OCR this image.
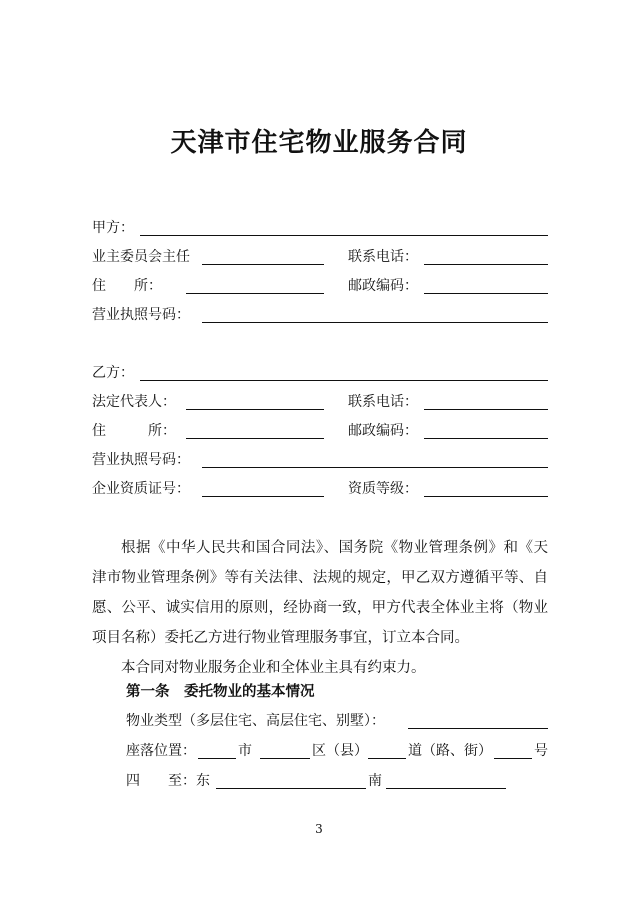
天津市住宅物业服务合同
甲方：
业主委员会主任	联系电话：
住　　所：	邮政编码：
营业执照号码：
乙方：
法定代表人：	联系电话：
住　　　所：	邮政编码：
营业执照号码：
企业资质证号：	资质等级：

根据《中华人民共和国合同法》、国务院《物业管理条例》和《天津市物业管理条例》等有关法律、法规的规定，甲乙双方遵循平等、自愿、公平、诚实信用的原则，经协商一致，甲方代表全体业主将（物业项目名称）委托乙方进行物业管理服务事宜，订立本合同。

本合同对物业服务企业和全体业主具有约束力。

第一条　委托物业的基本情况
物业类型（多层住宅、高层住宅、别墅）：
座落位置：	市	区（县）	道（路、街）	号
四　　至：东	南
3
